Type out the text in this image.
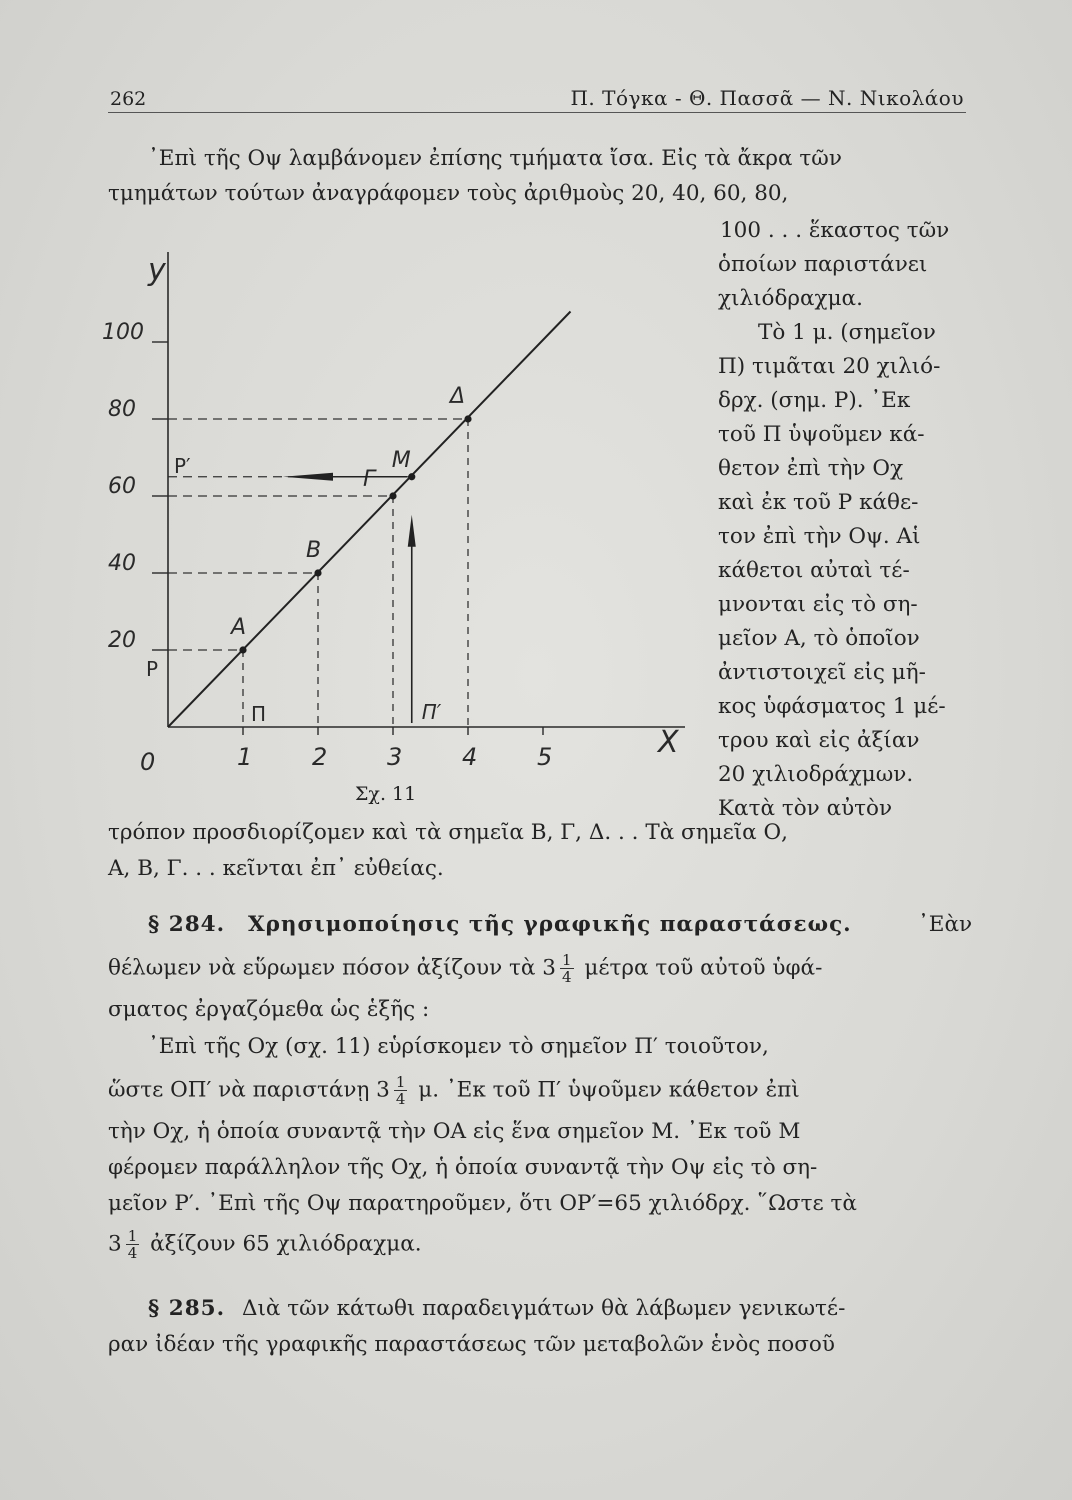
262	Π. Τόγκα - Θ. Πασσᾶ — Ν. Νικολάου
᾿Επὶ τῆς Οψ λαμβάνομεν ἐπίσης τμήματα ἴσα. Εἰς τὰ ἄκρα τῶν
τμημάτων τούτων ἀναγράφομεν τοὺς ἀριθμοὺς 20, 40, 60, 80,
100 . . . ἕκαστος τῶν
ὁποίων παριστάνει
χιλιόδραχμα.
Τὸ 1 μ. (σημεῖον
Π) τιμᾶται 20 χιλιό-
δρχ. (σημ. Ρ). ᾿Εκ
τοῦ Π ὑψοῦμεν κά-
θετον ἐπὶ τὴν Οχ
καὶ ἐκ τοῦ Ρ κάθε-
τον ἐπὶ τὴν Οψ. Αἱ
κάθετοι αὐταὶ τέ-
μνονται εἰς τὸ ση-
μεῖον Α, τὸ ὁποῖον
ἀντιστοιχεῖ εἰς μῆ-
κος ὑφάσματος 1 μέ-
τρου καὶ εἰς ἀξίαν
20 χιλιοδράχμων.
Κατὰ τὸν αὐτὸν
20
40
60
80
100
1 2 3 4 5
A
B
Γ
M
Δ
y
X
0
P
P′
Π	Π′
Σχ. 11
τρόπον προσδιορίζομεν καὶ τὰ σημεῖα Β, Γ, Δ. . . Τὰ σημεῖα Ο,
Α, Β, Γ. . . κεῖνται ἐπ᾿ εὐθείας.
§ 284. Χρησιμοποίησις τῆς γραφικῆς παραστάσεως.	᾿Εὰν
θέλωμεν νὰ εὕρωμεν πόσον ἀξίζουν τὰ $3 \frac{1}{4}$ μέτρα τοῦ αὐτοῦ ὑφά-
σματος ἐργαζόμεθα ὡς ἑξῆς :
᾿Επὶ τῆς Οχ (σχ. 11) εὑρίσκομεν τὸ σημεῖον Π′ τοιοῦτον,
ὥστε ΟΠ′ νὰ παριστάνῃ $3 \frac{1}{4} \mu$. ᾿Εκ τοῦ Π′ ὑψοῦμεν κάθετον ἐπὶ
τὴν Οχ, ἡ ὁποία συναντᾷ τὴν ΟΑ εἰς ἕνα σημεῖον Μ. ᾿Εκ τοῦ Μ
φέρομεν παράλληλον τῆς Οχ, ἡ ὁποία συναντᾷ τὴν Οψ εἰς τὸ ση-
μεῖον Ρ′. ᾿Επὶ τῆς Οψ παρατηροῦμεν, ὅτι ΟΡ′=65 χιλιόδρχ. ῞Ωστε τὰ
$3 \frac{1}{4}$ ἀξίζουν 65 χιλιόδραχμα.
§ 285. Διὰ τῶν κάτωθι παραδειγμάτων θὰ λάβωμεν γενικωτέ-
ραν ἰδέαν τῆς γραφικῆς παραστάσεως τῶν μεταβολῶν ἑνὸς ποσοῦ
